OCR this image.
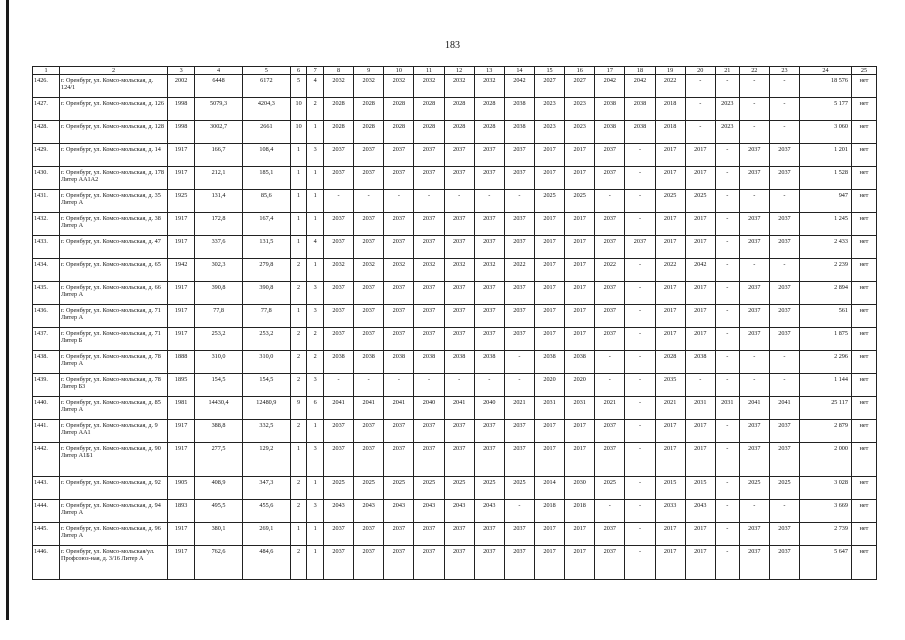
183
1	2	3	4	5	6	7	8	9	10	11	12	13	14	15	16	17	18	19	20	21	22	23	24	25
1426.	г. Оренбург, ул. Комсо-мольская, д. 124/1	2002	6448	6172	5	4	2032	2032	2032	2032	2032	2032	2042	2027	2027	2042	2042	2022	-	-	-	-	18 576	нет
1427.	г. Оренбург, ул. Комсо-мольская, д. 126	1998	5079,3	4204,3	10	2	2028	2028	2028	2028	2028	2028	2038	2023	2023	2038	2038	2018	-	2023	-	-	5 177	нет
1428.	г. Оренбург, ул. Комсо-мольская, д. 128	1998	3002,7	2661	10	1	2028	2028	2028	2028	2028	2028	2038	2023	2023	2038	2038	2018	-	2023	-	-	3 060	нет
1429.	г. Оренбург, ул. Комсо-мольская, д. 14	1917	166,7	108,4	1	3	2037	2037	2037	2037	2037	2037	2037	2017	2017	2037	-	2017	2017	-	2037	2037	1 201	нет
1430.	г. Оренбург, ул. Комсо-мольская, д. 178 Литер АА1А2	1917	212,1	185,1	1	1	2037	2037	2037	2037	2037	2037	2037	2017	2017	2037	-	2017	2017	-	2037	2037	1 528	нет
1431.	г. Оренбург, ул. Комсо-мольская, д. 35 Литер А	1925	131,4	85,6	1	1	-	-	-	-	-	-	-	2025	2025	-	-	2025	2025	-	-	-	947	нет
1432.	г. Оренбург, ул. Комсо-мольская, д. 38 Литер А	1917	172,8	167,4	1	1	2037	2037	2037	2037	2037	2037	2037	2017	2017	2037	-	2017	2017	-	2037	2037	1 245	нет
1433.	г. Оренбург, ул. Комсо-мольская, д. 47	1917	337,6	131,5	1	4	2037	2037	2037	2037	2037	2037	2037	2017	2017	2037	2037	2017	2017	-	2037	2037	2 433	нет
1434.	г. Оренбург, ул. Комсо-мольская, д. 65	1942	302,3	279,8	2	1	2032	2032	2032	2032	2032	2032	2022	2017	2017	2022	-	2022	2042	-	-	-	2 239	нет
1435.	г. Оренбург, ул. Комсо-мольская, д. 66 Литер А	1917	390,8	390,8	2	3	2037	2037	2037	2037	2037	2037	2037	2017	2017	2037	-	2017	2017	-	2037	2037	2 894	нет
1436.	г. Оренбург, ул. Комсо-мольская, д. 71 Литер А	1917	77,8	77,8	1	3	2037	2037	2037	2037	2037	2037	2037	2017	2017	2037	-	2017	2017	-	2037	2037	561	нет
1437.	г. Оренбург, ул. Комсо-мольская, д. 71 Литер Б	1917	253,2	253,2	2	2	2037	2037	2037	2037	2037	2037	2037	2017	2017	2037	-	2017	2017	-	2037	2037	1 875	нет
1438.	г. Оренбург, ул. Комсо-мольская, д. 78 Литер А	1888	310,0	310,0	2	2	2038	2038	2038	2038	2038	2038	-	2038	2038	-	-	2028	2038	-	-	-	2 296	нет
1439.	г. Оренбург, ул. Комсо-мольская, д. 78 Литер Б3	1895	154,5	154,5	2	3	-	-	-	-	-	-	-	2020	2020	-	-	2035	-	-	-	-	1 144	нет
1440.	г. Оренбург, ул. Комсо-мольская, д. 85 Литер А	1981	14430,4	12480,9	9	6	2041	2041	2041	2040	2041	2040	2021	2031	2031	2021	-	2021	2031	2031	2041	2041	25 117	нет
1441.	г. Оренбург, ул. Комсо-мольская, д. 9 Литер АА1	1917	388,8	332,5	2	1	2037	2037	2037	2037	2037	2037	2037	2017	2017	2037	-	2017	2017	-	2037	2037	2 879	нет
1442.	г. Оренбург, ул. Комсо-мольская, д. 90 Литер А1Б1	1917	277,5	129,2	1	3	2037	2037	2037	2037	2037	2037	2037	2017	2017	2037	-	2017	2017	-	2037	2037	2 000	нет
1443.	г. Оренбург, ул. Комсо-мольская, д. 92	1905	408,9	347,3	2	1	2025	2025	2025	2025	2025	2025	2025	2014	2030	2025	-	2015	2015	-	2025	2025	3 028	нет
1444.	г. Оренбург, ул. Комсо-мольская, д. 94 Литер А	1893	495,5	455,6	2	3	2043	2043	2043	2043	2043	2043	-	2018	2018	-	-	2033	2043	-	-	-	3 669	нет
1445.	г. Оренбург, ул. Комсо-мольская, д. 96 Литер А	1917	380,1	269,1	1	1	2037	2037	2037	2037	2037	2037	2037	2017	2017	2037	-	2017	2017	-	2037	2037	2 739	нет
1446.	г. Оренбург, ул. Комсо-мольская/ул. Профсоюз-ная, д. 3/16 Литер А	1917	762,6	484,6	2	1	2037	2037	2037	2037	2037	2037	2037	2017	2017	2037	-	2017	2017	-	2037	2037	5 647	нет
